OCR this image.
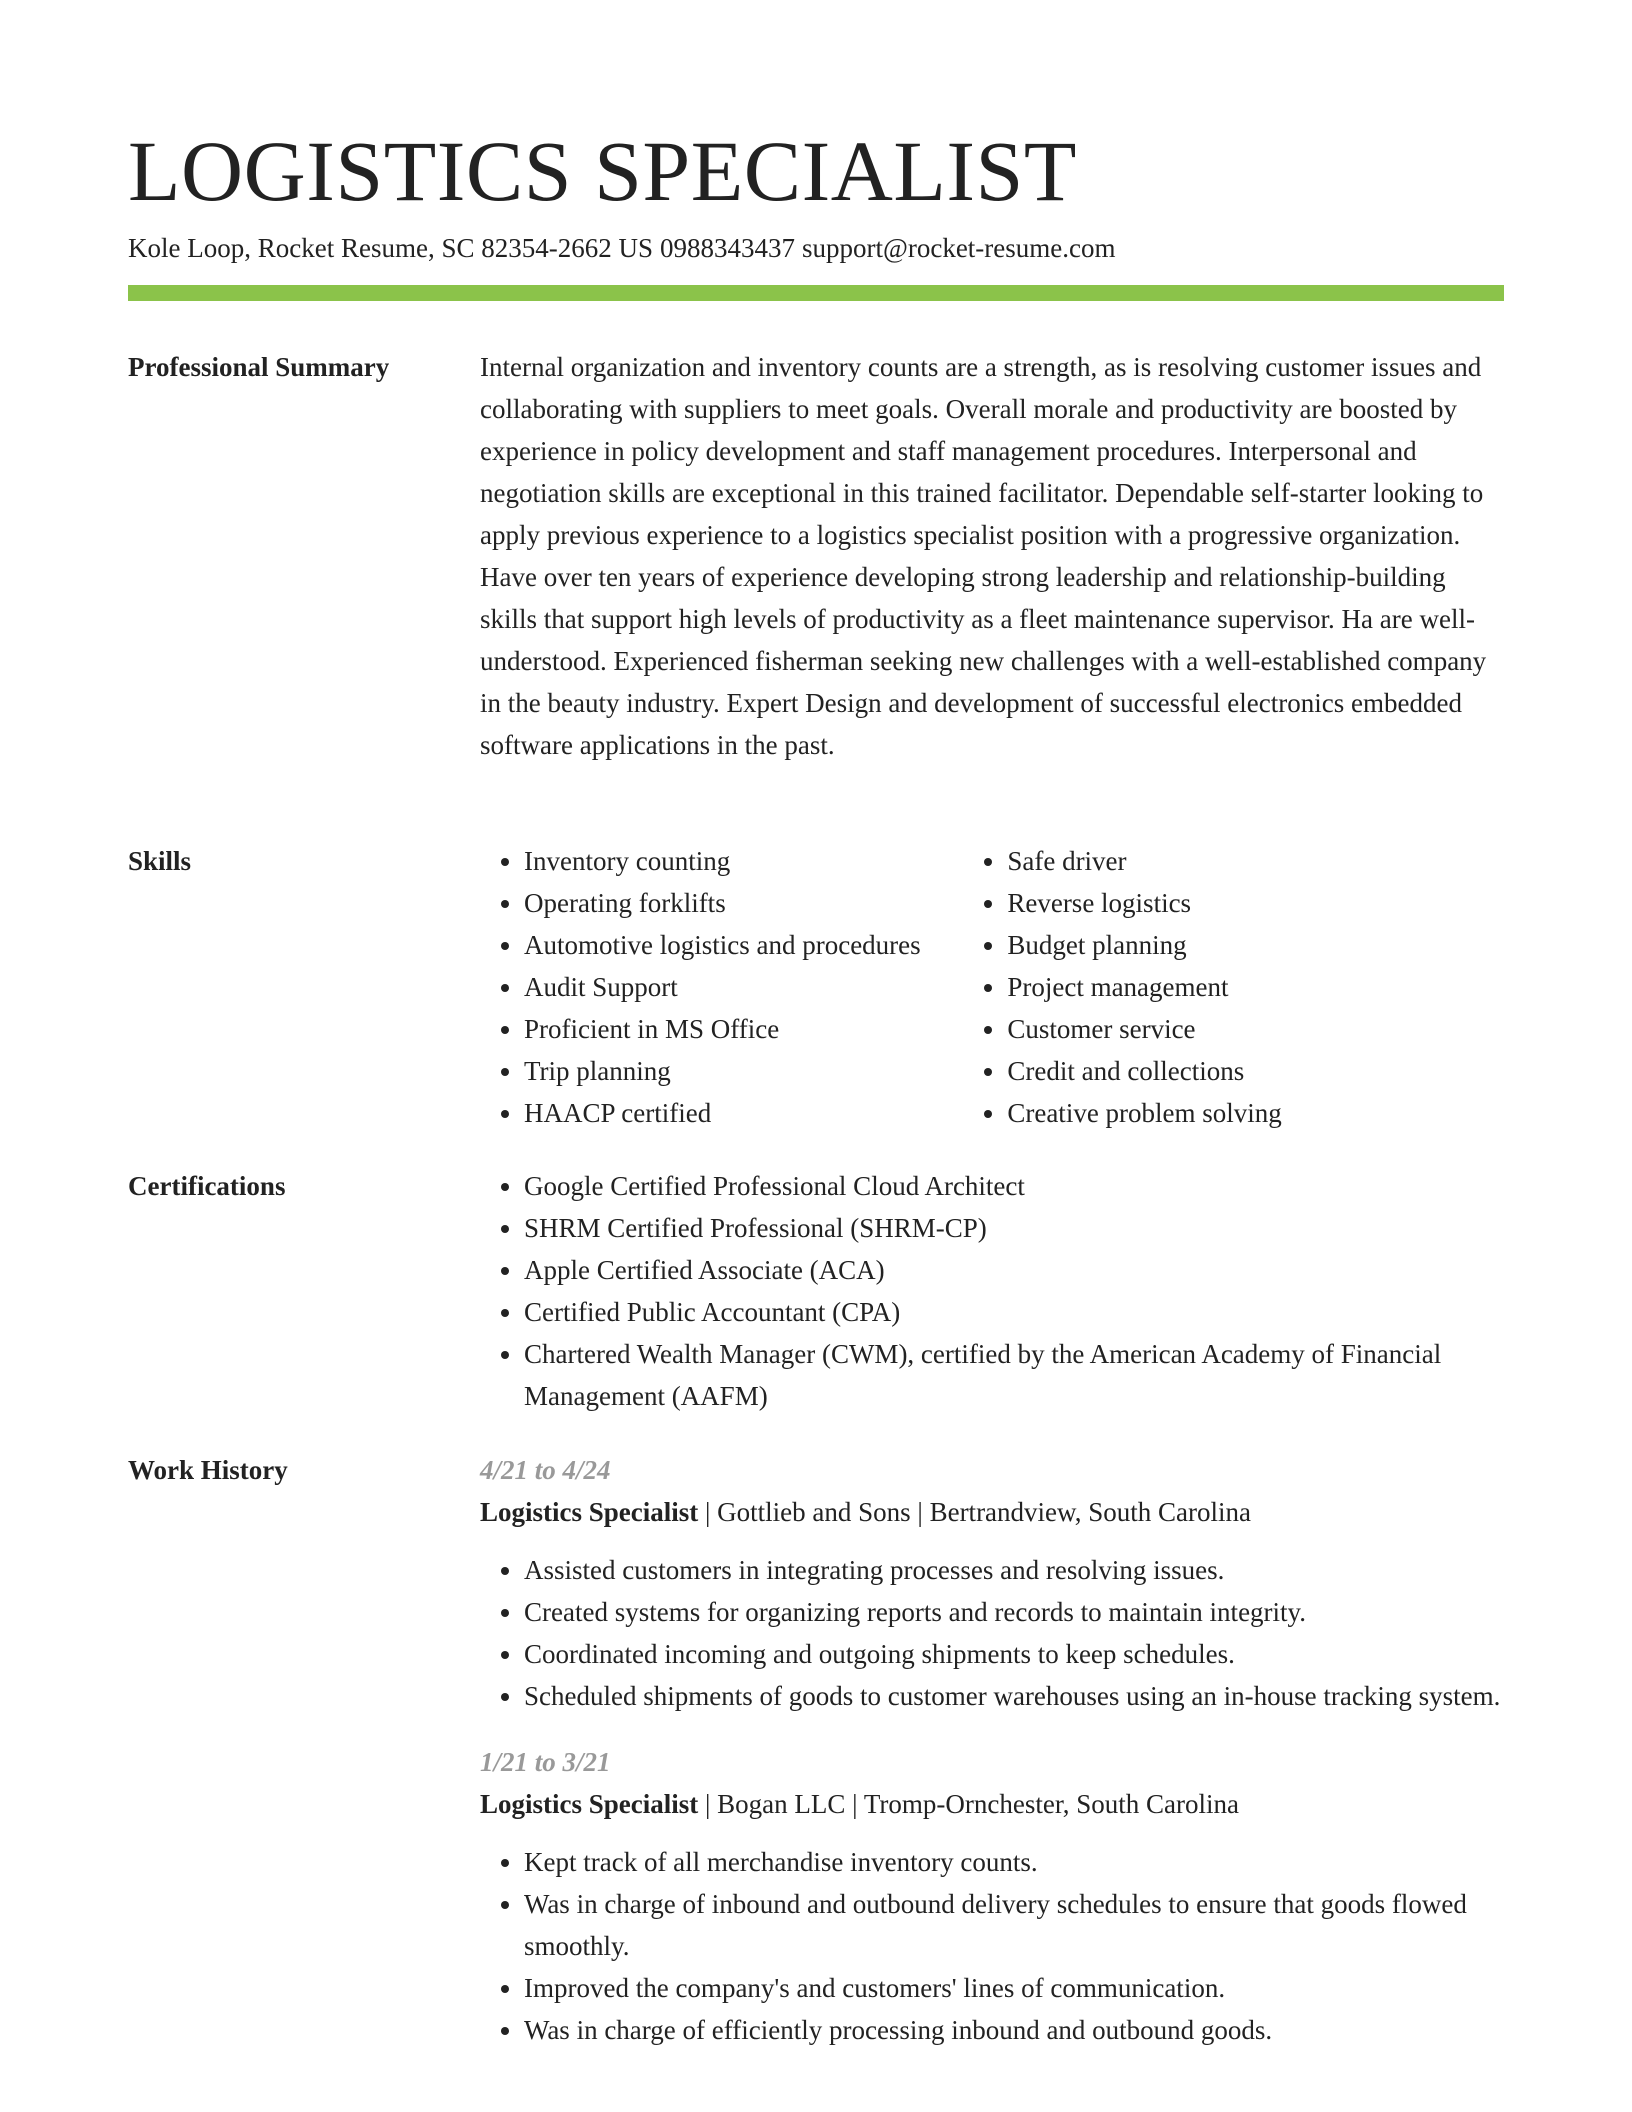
LOGISTICS SPECIALIST
Kole Loop, Rocket Resume, SC 82354-2662 US 0988343437 support@rocket-resume.com
Professional Summary	Internal organization and inventory counts are a strength, as is resolving customer issues and collaborating with suppliers to meet goals. Overall morale and productivity are boosted by experience in policy development and staff management procedures. Interpersonal and negotiation skills are exceptional in this trained facilitator. Dependable self-starter looking to apply previous experience to a logistics specialist position with a progressive organization. Have over ten years of experience developing strong leadership and relationship-building skills that support high levels of productivity as a fleet maintenance supervisor. Ha are well-understood. Experienced fisherman seeking new challenges with a well-established company in the beauty industry. Expert Design and development of successful electronics embedded software applications in the past.

Skills	• Inventory counting
• Operating forklifts
• Automotive logistics and procedures
• Audit Support
• Proficient in MS Office
• Trip planning
• HAACP certified
• Safe driver
• Reverse logistics
• Budget planning
• Project management
• Customer service
• Credit and collections
• Creative problem solving
Certifications	• Google Certified Professional Cloud Architect
• SHRM Certified Professional (SHRM-CP)
• Apple Certified Associate (ACA)
• Certified Public Accountant (CPA)
• Chartered Wealth Manager (CWM), certified by the American Academy of Financial Management (AAFM)
Work History	4/21 to 4/24
Logistics Specialist | Gottlieb and Sons | Bertrandview, South Carolina
• Assisted customers in integrating processes and resolving issues.
• Created systems for organizing reports and records to maintain integrity.
• Coordinated incoming and outgoing shipments to keep schedules.
• Scheduled shipments of goods to customer warehouses using an in-house tracking system.
1/21 to 3/21
Logistics Specialist | Bogan LLC | Tromp-Ornchester, South Carolina
• Kept track of all merchandise inventory counts.
• Was in charge of inbound and outbound delivery schedules to ensure that goods flowed smoothly.
• Improved the company's and customers' lines of communication.
• Was in charge of efficiently processing inbound and outbound goods.
